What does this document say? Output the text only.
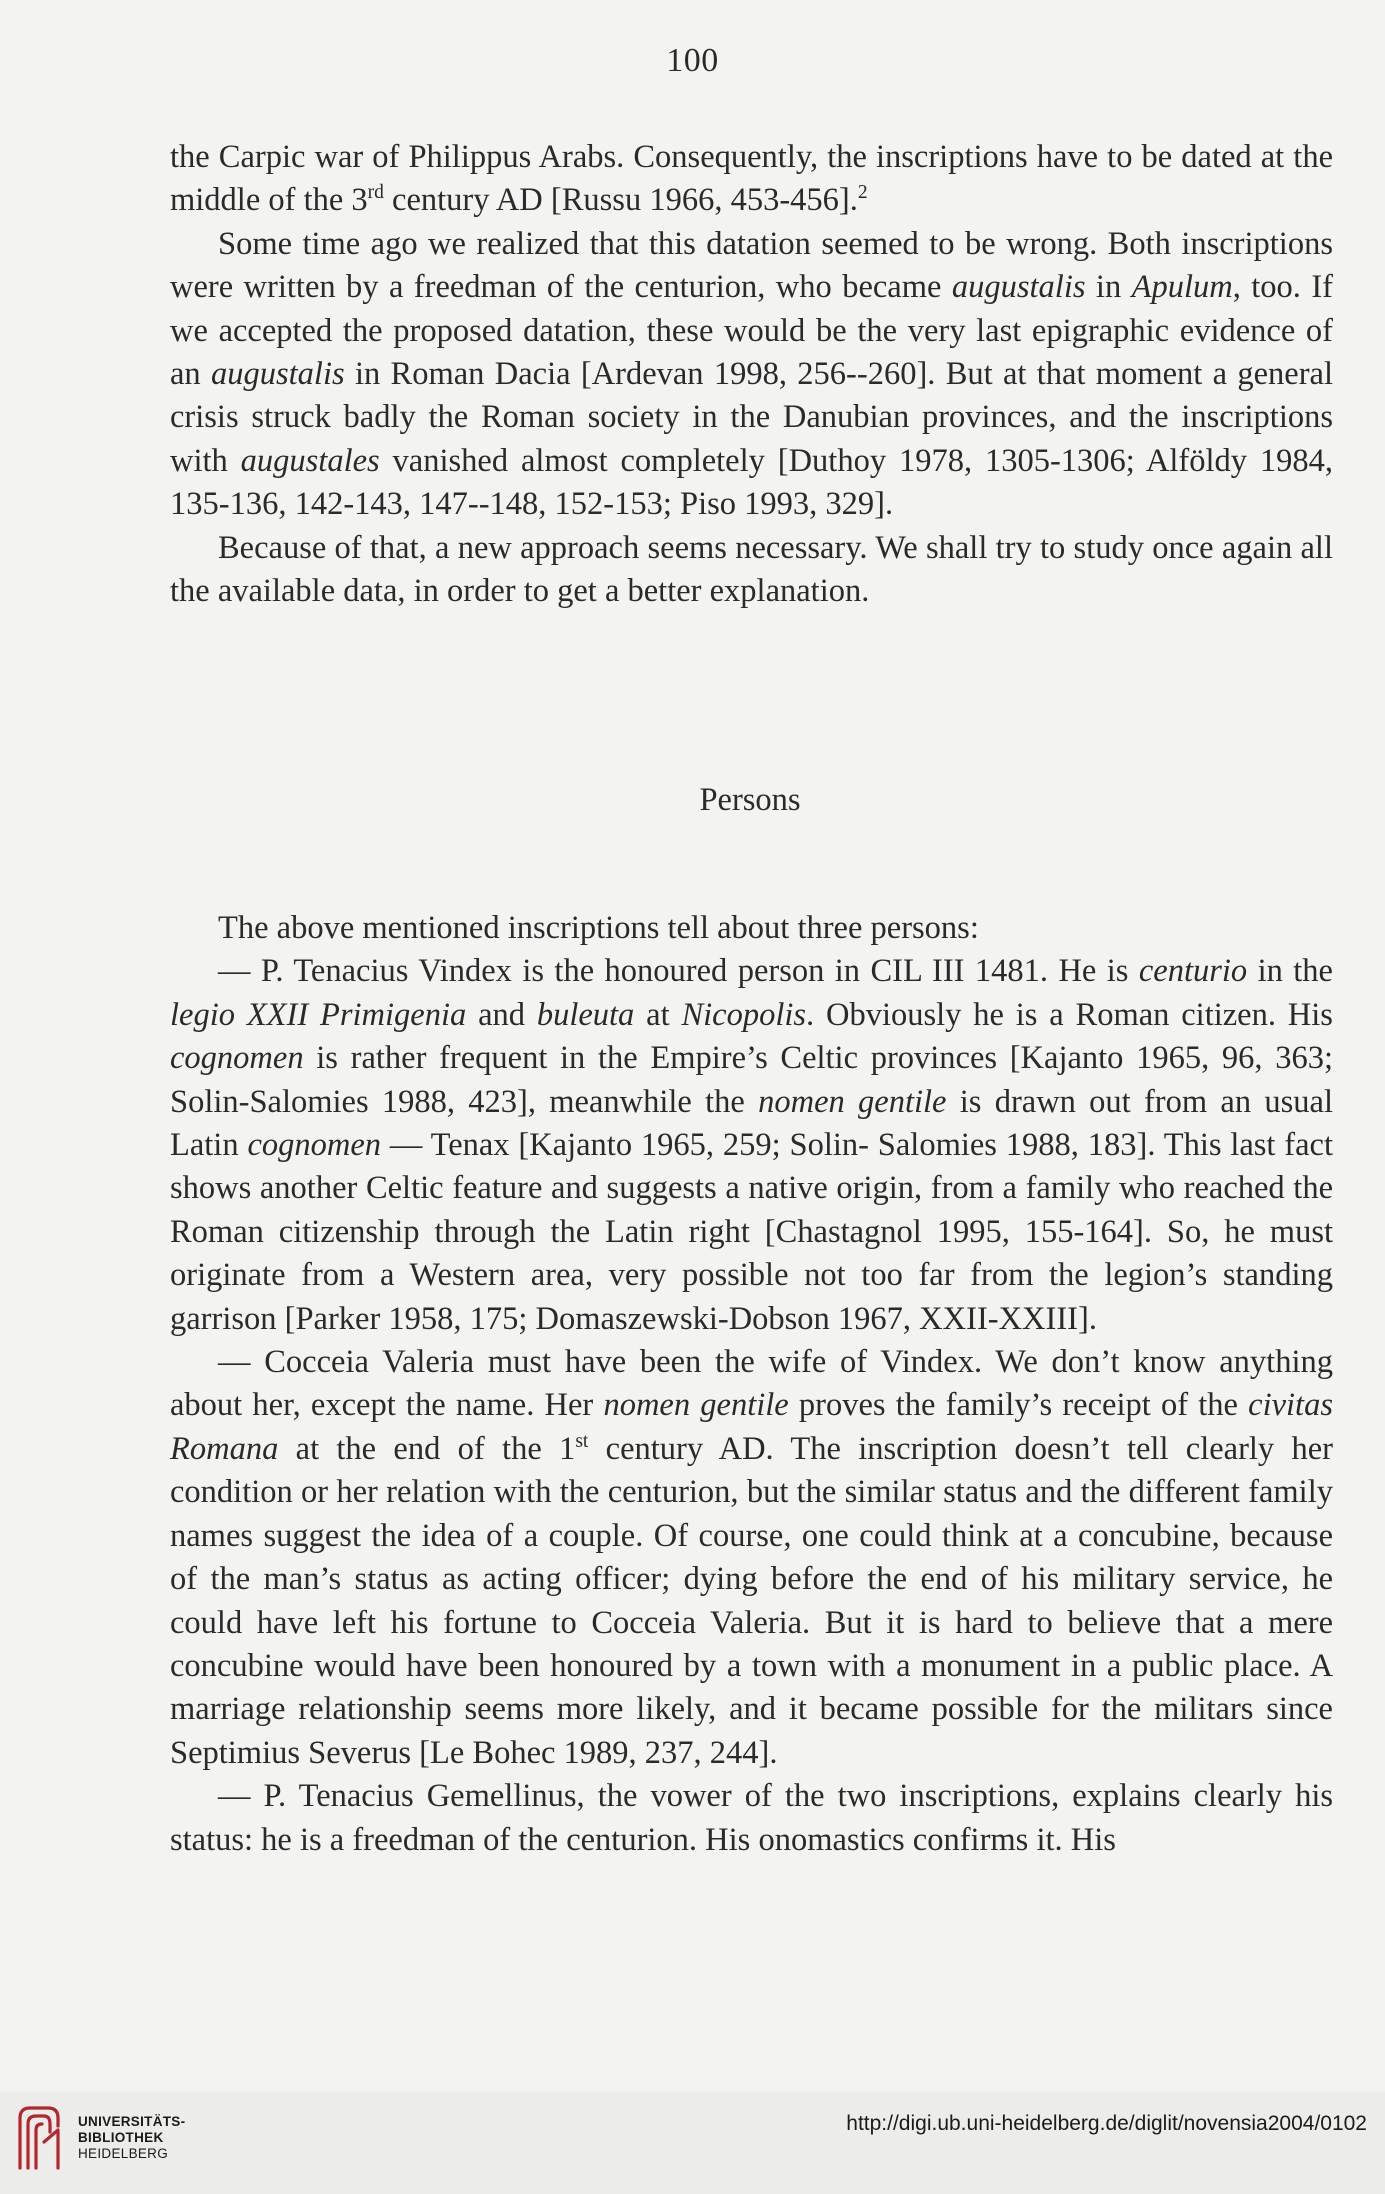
100

the Carpic war of Philippus Arabs. Consequently, the inscriptions have to be dated at the middle of the 3rd century AD [Russu 1966, 453-456].$^2$

Some time ago we realized that this datation seemed to be wrong. Both inscriptions were written by a freedman of the centurion, who became augustalis in Apulum, too. If we accepted the proposed datation, these would be the very last epigraphic evidence of an augustalis in Roman Dacia [Ardevan 1998, 256--260]. But at that moment a general crisis struck badly the Roman society in the Danubian provinces, and the inscriptions with augustales vanished almost completely [Duthoy 1978, 1305-1306; Alföldy 1984, 135-136, 142-143, 147--148, 152-153; Piso 1993, 329].

Because of that, a new approach seems necessary. We shall try to study once again all the available data, in order to get a better explanation.

Persons

The above mentioned inscriptions tell about three persons:

— P. Tenacius Vindex is the honoured person in CIL III 1481. He is centurio in the legio XXII Primigenia and buleuta at Nicopolis. Obviously he is a Roman citizen. His cognomen is rather frequent in the Empire’s Celtic provinces [Kajanto 1965, 96, 363; Solin-Salomies 1988, 423], meanwhile the nomen gentile is drawn out from an usual Latin cognomen — Tenax [Kajanto 1965, 259; Solin- Salomies 1988, 183]. This last fact shows another Celtic feature and suggests a native origin, from a family who reached the Roman citizenship through the Latin right [Chastagnol 1995, 155-164]. So, he must originate from a Western area, very possible not too far from the legion’s standing garrison [Parker 1958, 175; Domaszewski-Dobson 1967, XXII-XXIII].

— Cocceia Valeria must have been the wife of Vindex. We don’t know anything about her, except the name. Her nomen gentile proves the family’s receipt of the civitas Romana at the end of the 1st century AD. The inscription doesn’t tell clearly her condition or her relation with the centurion, but the similar status and the different family names suggest the idea of a couple. Of course, one could think at a concubine, because of the man’s status as acting officer; dying before the end of his military service, he could have left his fortune to Cocceia Valeria. But it is hard to believe that a mere concubine would have been honoured by a town with a monument in a public place. A marriage relationship seems more likely, and it became possible for the militars since Septimius Severus [Le Bohec 1989, 237, 244].

— P. Tenacius Gemellinus, the vower of the two inscriptions, explains clearly his status: he is a freedman of the centurion. His onomastics confirms it. His

UNIVERSITÄTS-
BIBLIOTHEK
HEIDELBERG
http://digi.ub.uni-heidelberg.de/diglit/novensia2004/0102
